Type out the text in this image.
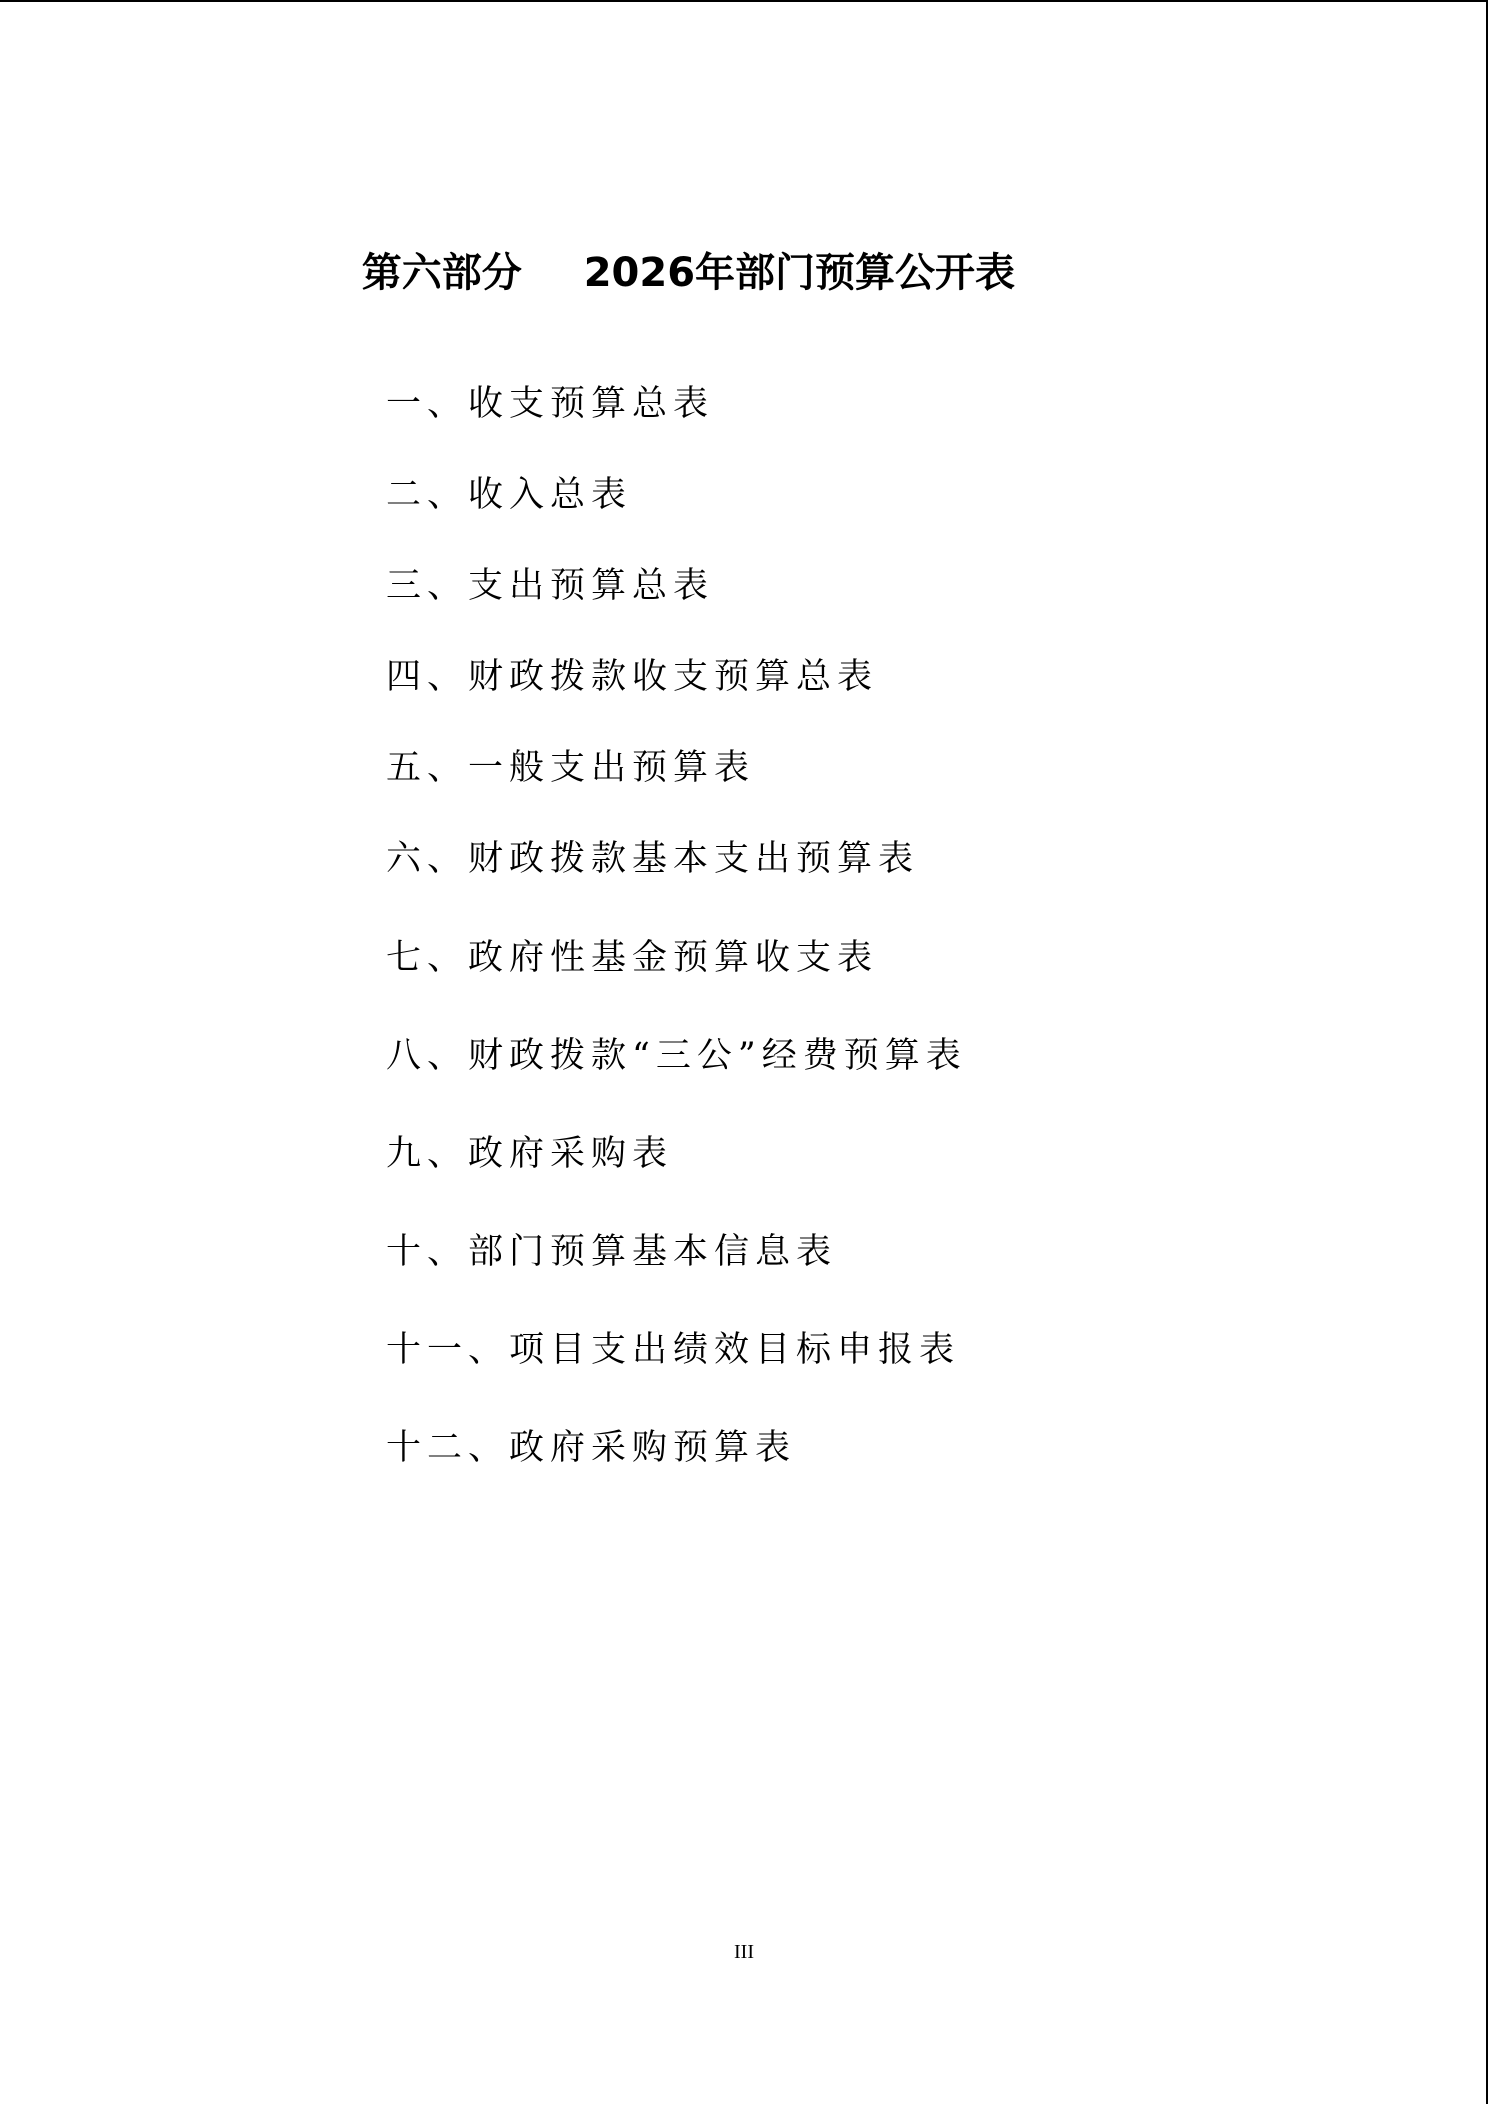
第六部分 2026年部门预算公开表

一、收支预算总表
二、收入总表
三、支出预算总表
四、财政拨款收支预算总表
五、一般支出预算表
六、财政拨款基本支出预算表
七、政府性基金预算收支表
八、财政拨款“三公”经费预算表
九、政府采购表
十、部门预算基本信息表
十一、项目支出绩效目标申报表
十二、政府采购预算表
III
